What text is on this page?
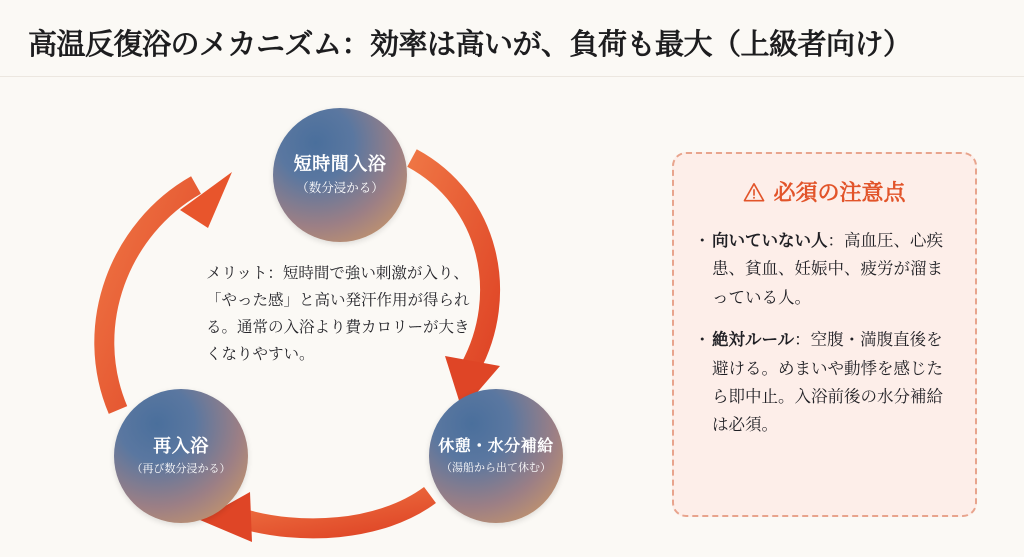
高温反復浴のメカニズム：効率は高いが、負荷も最大（上級者向け）
短時間入浴
（数分浸かる）
休憩・水分補給
（湯船から出て休む）
再入浴
（再び数分浸かる）
メリット：短時間で強い刺激が入り、「やった感」と高い発汗作用が得られる。通常の入浴より費カロリーが大きくなりやすい。
必須の注意点
・ 向いていない人：高血圧、心疾患、貧血、妊娠中、疲労が溜まっている人。
・ 絶対ルール：空腹・満腹直後を避ける。めまいや動悸を感じたら即中止。入浴前後の水分補給は必須。
